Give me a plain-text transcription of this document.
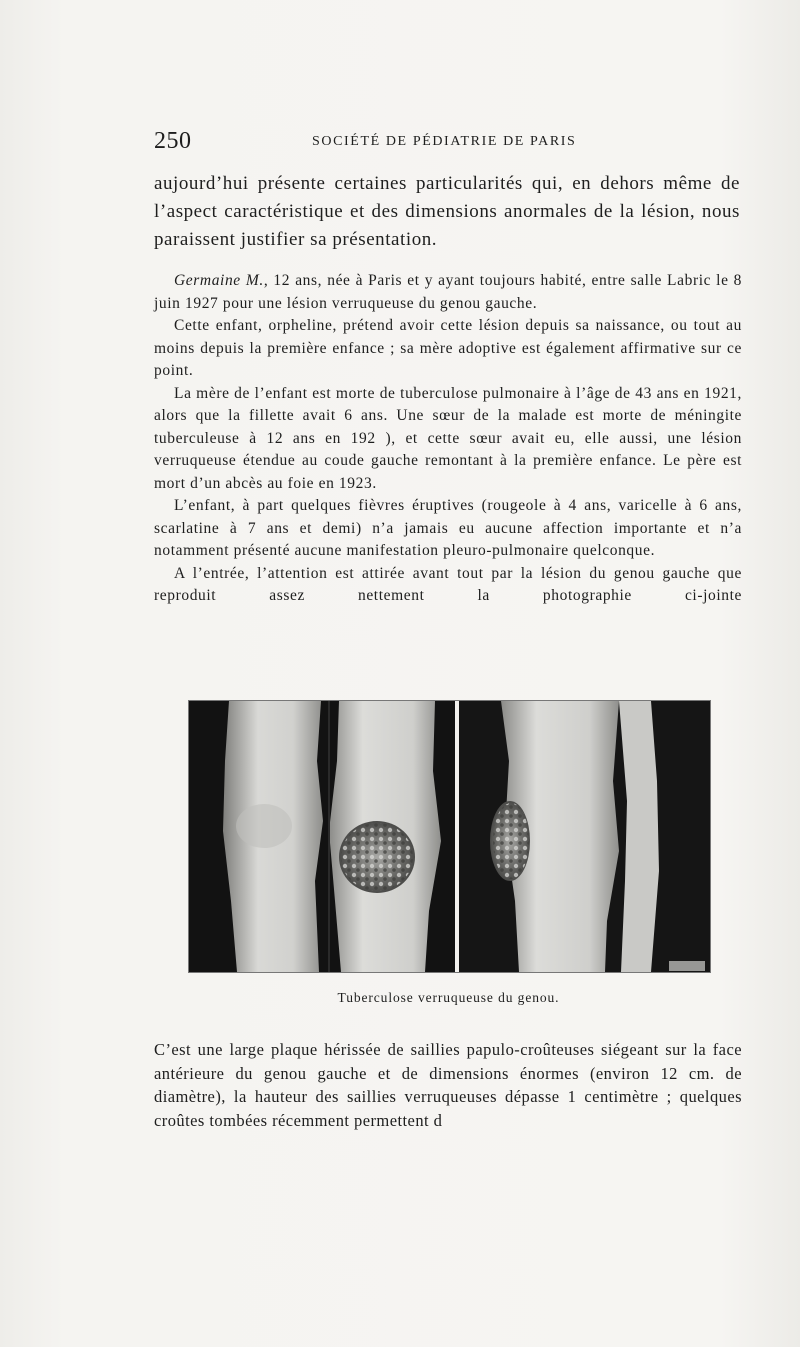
250	SOCIÉTÉ DE PÉDIATRIE DE PARIS
aujourd’hui présente certaines particularités qui, en dehors même de l’aspect caractéristique et des dimensions anormales de la lésion, nous paraissent justifier sa présentation.

Germaine M., 12 ans, née à Paris et y ayant toujours habité, entre salle Labric le 8 juin 1927 pour une lésion verruqueuse du genou gauche.

Cette enfant, orpheline, prétend avoir cette lésion depuis sa naissance, ou tout au moins depuis la première enfance ; sa mère adoptive est également affirmative sur ce point.

La mère de l’enfant est morte de tuberculose pulmonaire à l’âge de 43 ans en 1921, alors que la fillette avait 6 ans. Une sœur de la malade est morte de méningite tuberculeuse à 12 ans en 192 ), et cette sœur avait eu, elle aussi, une lésion verruqueuse étendue au coude gauche remontant à la première enfance. Le père est mort d’un abcès au foie en 1923.

L’enfant, à part quelques fièvres éruptives (rougeole à 4 ans, varicelle à 6 ans, scarlatine à 7 ans et demi) n’a jamais eu aucune affection importante et n’a notamment présenté aucune manifestation pleuro-pulmonaire quelconque.

A l’entrée, l’attention est attirée avant tout par la lésion du genou gauche que reproduit assez nettement la photographie ci-jointe

Tuberculose verruqueuse du genou.

C’est une large plaque hérissée de saillies papulo-croûteuses siégeant sur la face antérieure du genou gauche et de dimensions énormes (environ 12 cm. de diamètre), la hauteur des saillies verruqueuses dépasse 1 centimètre ; quelques croûtes tombées récemment permettent d
